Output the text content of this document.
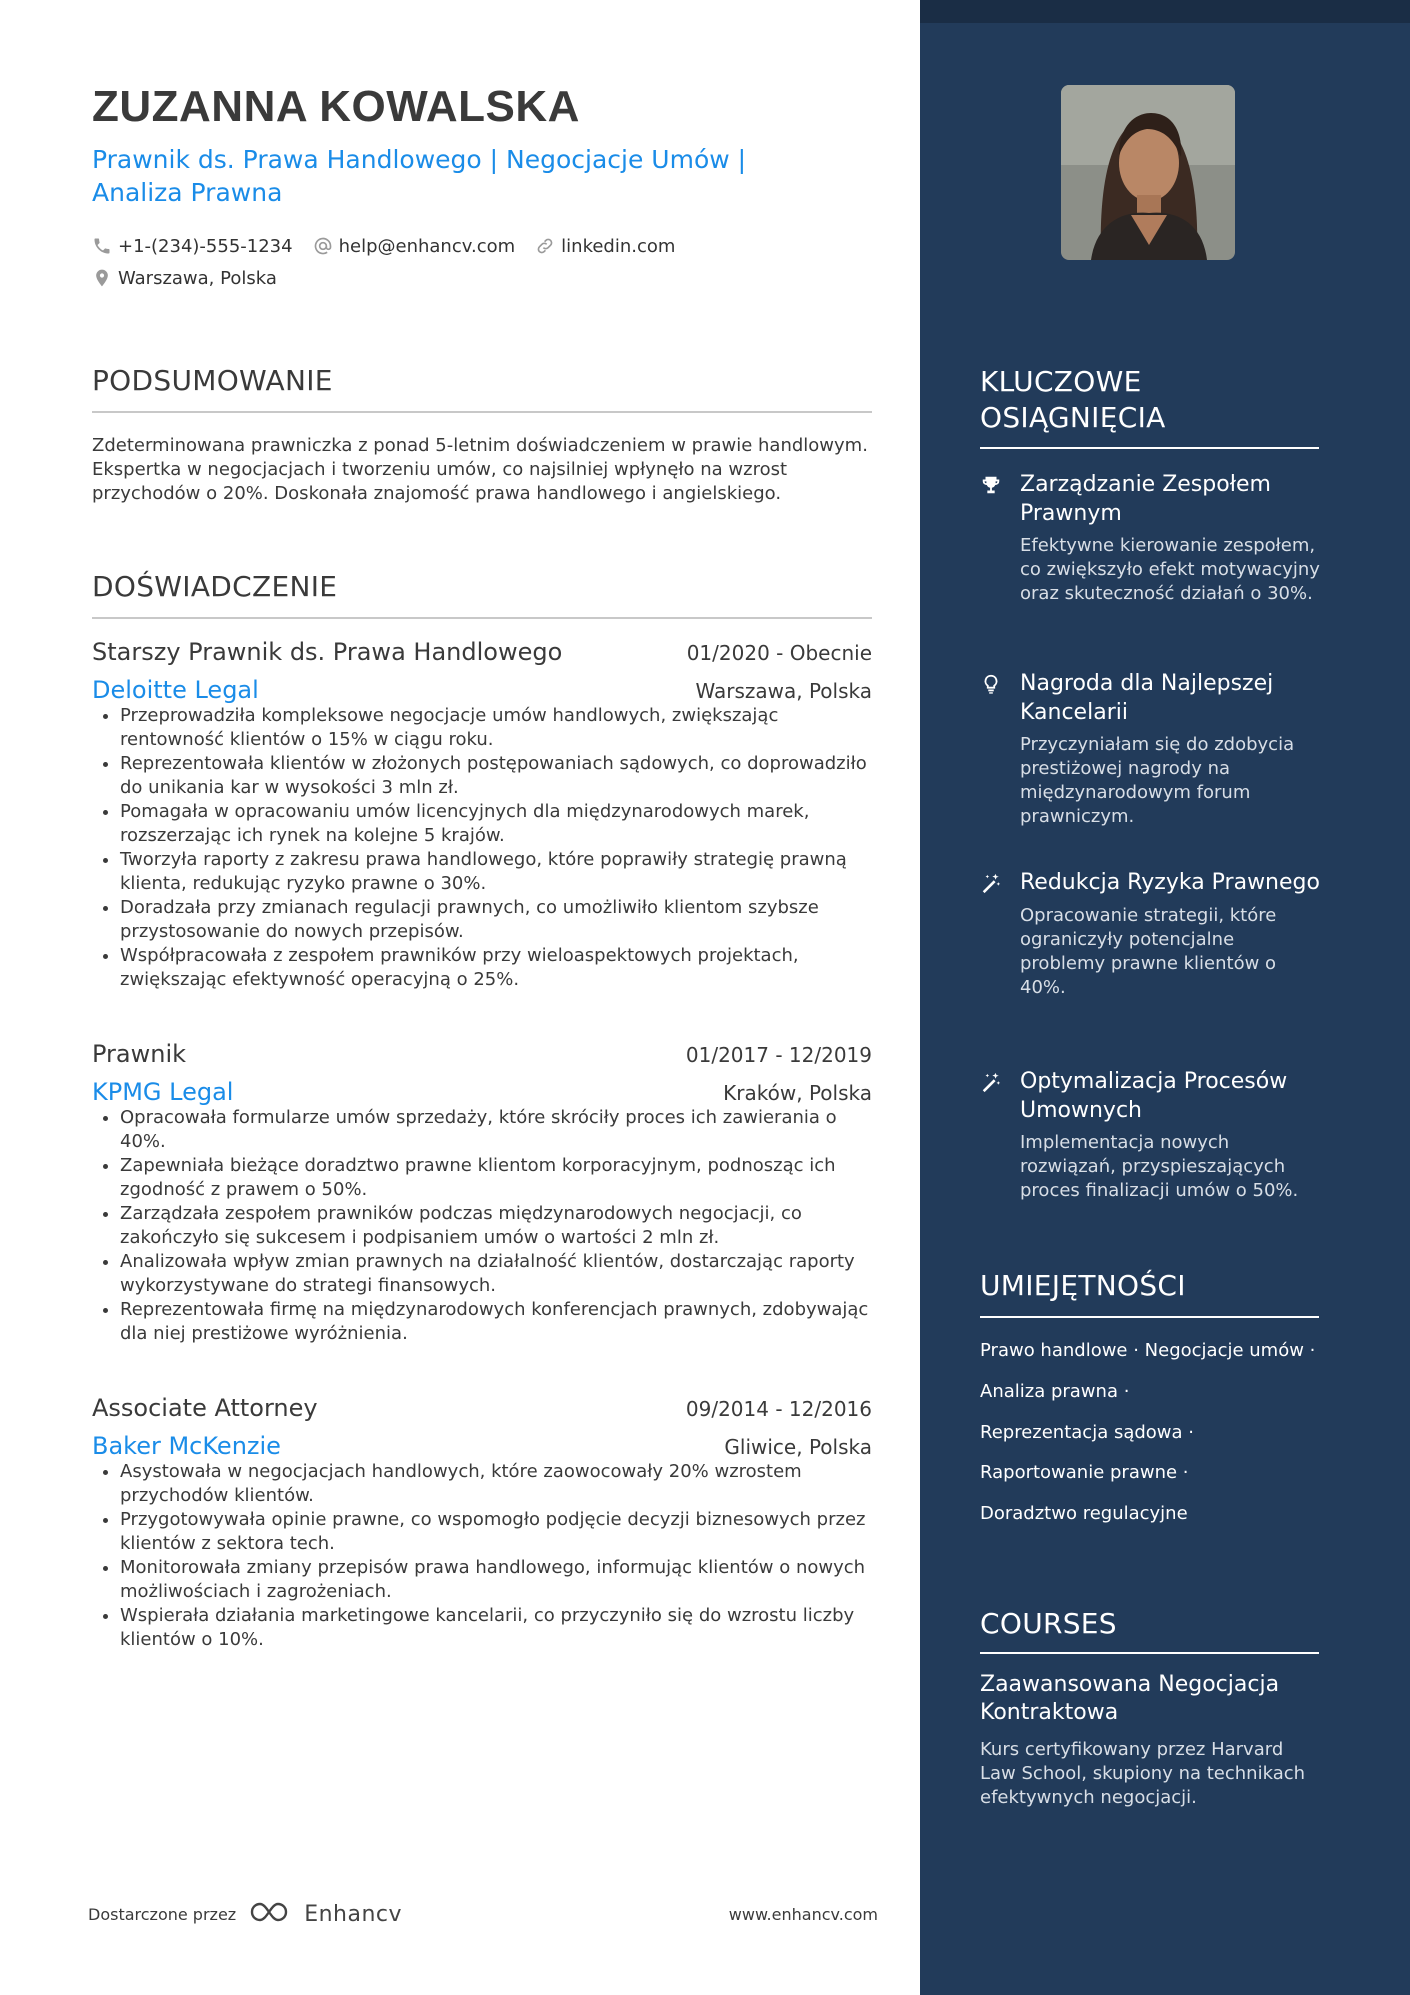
ZUZANNA KOWALSKA
Prawnik ds. Prawa Handlowego | Negocjacje Umów |
Analiza Prawna
+1-(234)-555-1234	help@enhancv.com	linkedin.com
Warszawa, Polska
PODSUMOWANIE
Zdeterminowana prawniczka z ponad 5-letnim doświadczeniem w prawie handlowym. Ekspertka w negocjacjach i tworzeniu umów, co najsilniej wpłynęło na wzrost przychodów o 20%. Doskonała znajomość prawa handlowego i angielskiego.
DOŚWIADCZENIE
Starszy Prawnik ds. Prawa Handlowego	01/2020 - Obecnie
Deloitte Legal	Warszawa, Polska
• Przeprowadziła kompleksowe negocjacje umów handlowych, zwiększając rentowność klientów o 15% w ciągu roku.
• Reprezentowała klientów w złożonych postępowaniach sądowych, co doprowadziło do unikania kar w wysokości 3 mln zł.
• Pomagała w opracowaniu umów licencyjnych dla międzynarodowych marek, rozszerzając ich rynek na kolejne 5 krajów.
• Tworzyła raporty z zakresu prawa handlowego, które poprawiły strategię prawną klienta, redukując ryzyko prawne o 30%.
• Doradzała przy zmianach regulacji prawnych, co umożliwiło klientom szybsze przystosowanie do nowych przepisów.
• Współpracowała z zespołem prawników przy wieloaspektowych projektach, zwiększając efektywność operacyjną o 25%.
Prawnik	01/2017 - 12/2019
KPMG Legal	Kraków, Polska
• Opracowała formularze umów sprzedaży, które skróciły proces ich zawierania o 40%.
• Zapewniała bieżące doradztwo prawne klientom korporacyjnym, podnosząc ich zgodność z prawem o 50%.
• Zarządzała zespołem prawników podczas międzynarodowych negocjacji, co zakończyło się sukcesem i podpisaniem umów o wartości 2 mln zł.
• Analizowała wpływ zmian prawnych na działalność klientów, dostarczając raporty wykorzystywane do strategi finansowych.
• Reprezentowała firmę na międzynarodowych konferencjach prawnych, zdobywając dla niej prestiżowe wyróżnienia.
Associate Attorney	09/2014 - 12/2016
Baker McKenzie	Gliwice, Polska
• Asystowała w negocjacjach handlowych, które zaowocowały 20% wzrostem przychodów klientów.
• Przygotowywała opinie prawne, co wspomogło podjęcie decyzji biznesowych przez klientów z sektora tech.
• Monitorowała zmiany przepisów prawa handlowego, informując klientów o nowych możliwościach i zagrożeniach.
• Wspierała działania marketingowe kancelarii, co przyczyniło się do wzrostu liczby klientów o 10%.
Dostarczone przez	Enhancv	www.enhancv.com
KLUCZOWE
OSIĄGNIĘCIA
Zarządzanie Zespołem Prawnym
Efektywne kierowanie zespołem, co zwiększyło efekt motywacyjny oraz skuteczność działań o 30%.
Nagroda dla Najlepszej Kancelarii
Przyczyniałam się do zdobycia prestiżowej nagrody na międzynarodowym forum prawniczym.
Redukcja Ryzyka Prawnego
Opracowanie strategii, które ograniczyły potencjalne problemy prawne klientów o 40%.
Optymalizacja Procesów Umownych
Implementacja nowych rozwiązań, przyspieszających proces finalizacji umów o 50%.
UMIEJĘTNOŚCI
Prawo handlowe · Negocjacje umów ·
Analiza prawna ·
Reprezentacja sądowa ·
Raportowanie prawne ·
Doradztwo regulacyjne
COURSES
Zaawansowana Negocjacja Kontraktowa
Kurs certyfikowany przez Harvard Law School, skupiony na technikach efektywnych negocjacji.
